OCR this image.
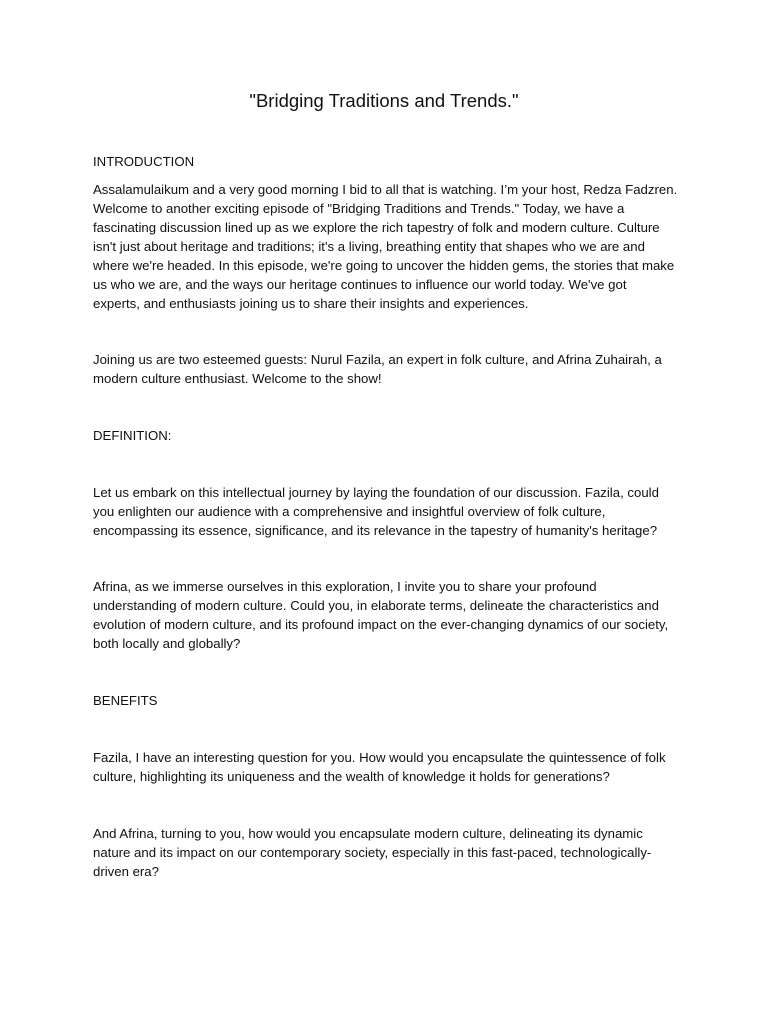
"Bridging Traditions and Trends."
INTRODUCTION

Assalamulaikum and a very good morning I bid to all that is watching. I’m your host, Redza Fadzren.
Welcome to another exciting episode of "Bridging Traditions and Trends." Today, we have a
fascinating discussion lined up as we explore the rich tapestry of folk and modern culture. Culture
isn't just about heritage and traditions; it's a living, breathing entity that shapes who we are and
where we're headed. In this episode, we're going to uncover the hidden gems, the stories that make
us who we are, and the ways our heritage continues to influence our world today. We've got
experts, and enthusiasts joining us to share their insights and experiences.

Joining us are two esteemed guests: Nurul Fazila, an expert in folk culture, and Afrina Zuhairah, a
modern culture enthusiast. Welcome to the show!

DEFINITION:

Let us embark on this intellectual journey by laying the foundation of our discussion. Fazila, could
you enlighten our audience with a comprehensive and insightful overview of folk culture,
encompassing its essence, significance, and its relevance in the tapestry of humanity's heritage?

Afrina, as we immerse ourselves in this exploration, I invite you to share your profound
understanding of modern culture. Could you, in elaborate terms, delineate the characteristics and
evolution of modern culture, and its profound impact on the ever-changing dynamics of our society,
both locally and globally?

BENEFITS

Fazila, I have an interesting question for you. How would you encapsulate the quintessence of folk
culture, highlighting its uniqueness and the wealth of knowledge it holds for generations?

And Afrina, turning to you, how would you encapsulate modern culture, delineating its dynamic
nature and its impact on our contemporary society, especially in this fast-paced, technologically-
driven era?
